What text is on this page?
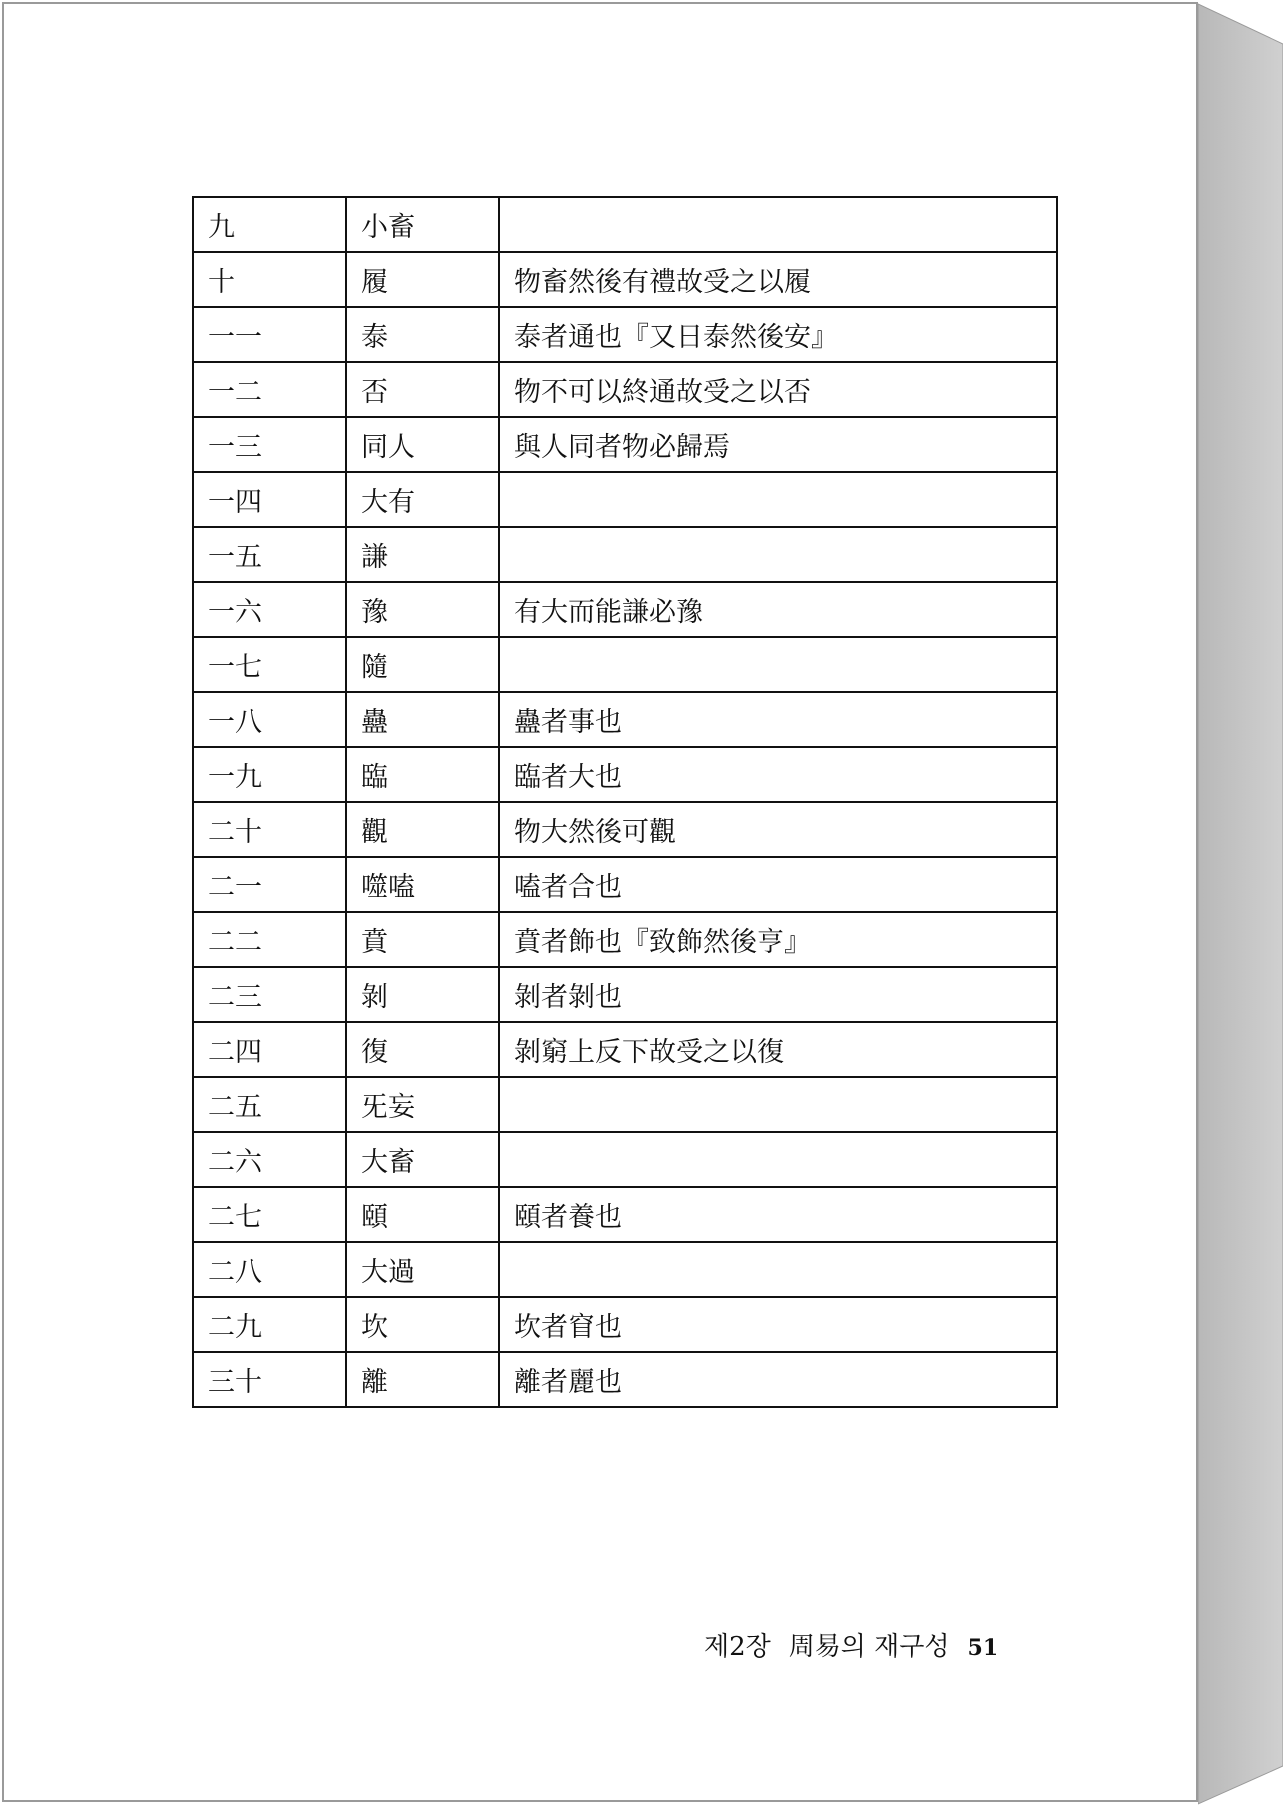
九	小畜	
十	履	物畜然後有禮故受之以履
一一	泰	泰者通也『又日泰然後安』
一二	否	物不可以終通故受之以否
一三	同人	與人同者物必歸焉
一四	大有	
一五	謙	
一六	豫	有大而能謙必豫
一七	隨	
一八	蠱	蠱者事也
一九	臨	臨者大也
二十	觀	物大然後可觀
二一	噬嗑	嗑者合也
二二	賁	賁者飾也『致飾然後亨』
二三	剝	剝者剝也
二四	復	剝窮上反下故受之以復
二五	旡妄	
二六	大畜	
二七	頤	頤者養也
二八	大過	
二九	坎	坎者窅也
三十	離	離者麗也
제2장 周易의 재구성 51
